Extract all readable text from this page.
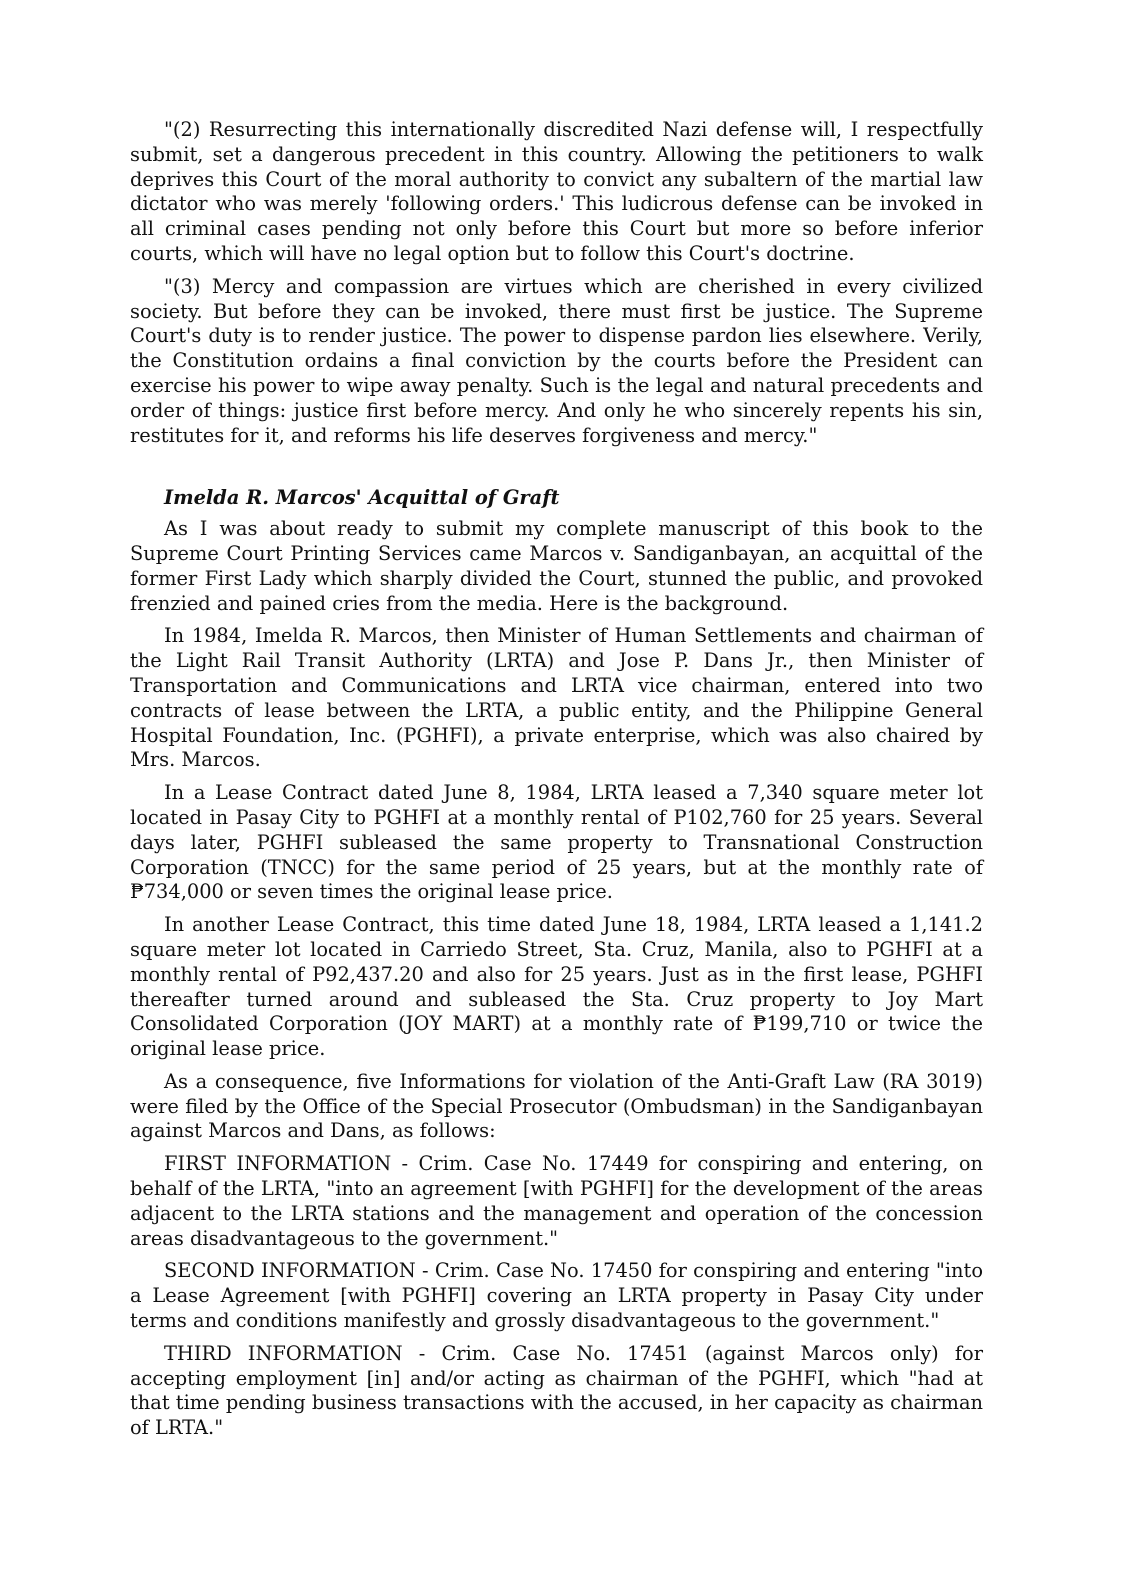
"(2) Resurrecting this internationally discredited Nazi defense will, I respectfully submit, set a dangerous precedent in this country. Allowing the petitioners to walk deprives this Court of the moral authority to convict any subaltern of the martial law dictator who was merely 'following orders.' This ludicrous defense can be invoked in all criminal cases pending not only before this Court but more so before inferior courts, which will have no legal option but to follow this Court's doctrine.

"(3) Mercy and compassion are virtues which are cherished in every civilized society. But before they can be invoked, there must first be justice. The Supreme Court's duty is to render justice. The power to dispense pardon lies elsewhere. Verily, the Constitution ordains a final conviction by the courts before the President can exercise his power to wipe away penalty. Such is the legal and natural precedents and order of things: justice first before mercy. And only he who sincerely repents his sin, restitutes for it, and reforms his life deserves forgiveness and mercy."

Imelda R. Marcos' Acquittal of Graft

As I was about ready to submit my complete manuscript of this book to the Supreme Court Printing Services came Marcos v. Sandiganbayan, an acquittal of the former First Lady which sharply divided the Court, stunned the public, and provoked frenzied and pained cries from the media. Here is the background.

In 1984, Imelda R. Marcos, then Minister of Human Settlements and chairman of the Light Rail Transit Authority (LRTA) and Jose P. Dans Jr., then Minister of Transportation and Communications and LRTA vice chairman, entered into two contracts of lease between the LRTA, a public entity, and the Philippine General Hospital Foundation, Inc. (PGHFI), a private enterprise, which was also chaired by Mrs. Marcos.

In a Lease Contract dated June 8, 1984, LRTA leased a 7,340 square meter lot located in Pasay City to PGHFI at a monthly rental of P102,760 for 25 years. Several days later, PGHFI subleased the same property to Transnational Construction Corporation (TNCC) for the same period of 25 years, but at the monthly rate of ₱734,000 or seven times the original lease price.

In another Lease Contract, this time dated June 18, 1984, LRTA leased a 1,141.2 square meter lot located in Carriedo Street, Sta. Cruz, Manila, also to PGHFI at a monthly rental of P92,437.20 and also for 25 years. Just as in the first lease, PGHFI thereafter turned around and subleased the Sta. Cruz property to Joy Mart Consolidated Corporation (JOY MART) at a monthly rate of ₱199,710 or twice the original lease price.

As a consequence, five Informations for violation of the Anti-Graft Law (RA 3019) were filed by the Office of the Special Prosecutor (Ombudsman) in the Sandiganbayan against Marcos and Dans, as follows:

FIRST INFORMATION - Crim. Case No. 17449 for conspiring and entering, on behalf of the LRTA, "into an agreement [with PGHFI] for the development of the areas adjacent to the LRTA stations and the management and operation of the concession areas disadvantageous to the government."

SECOND INFORMATION - Crim. Case No. 17450 for conspiring and entering "into a Lease Agreement [with PGHFI] covering an LRTA property in Pasay City under terms and conditions manifestly and grossly disadvantageous to the government."

THIRD INFORMATION - Crim. Case No. 17451 (against Marcos only) for accepting employment [in] and/or acting as chairman of the PGHFI, which "had at that time pending business transactions with the accused, in her capacity as chairman of LRTA."
